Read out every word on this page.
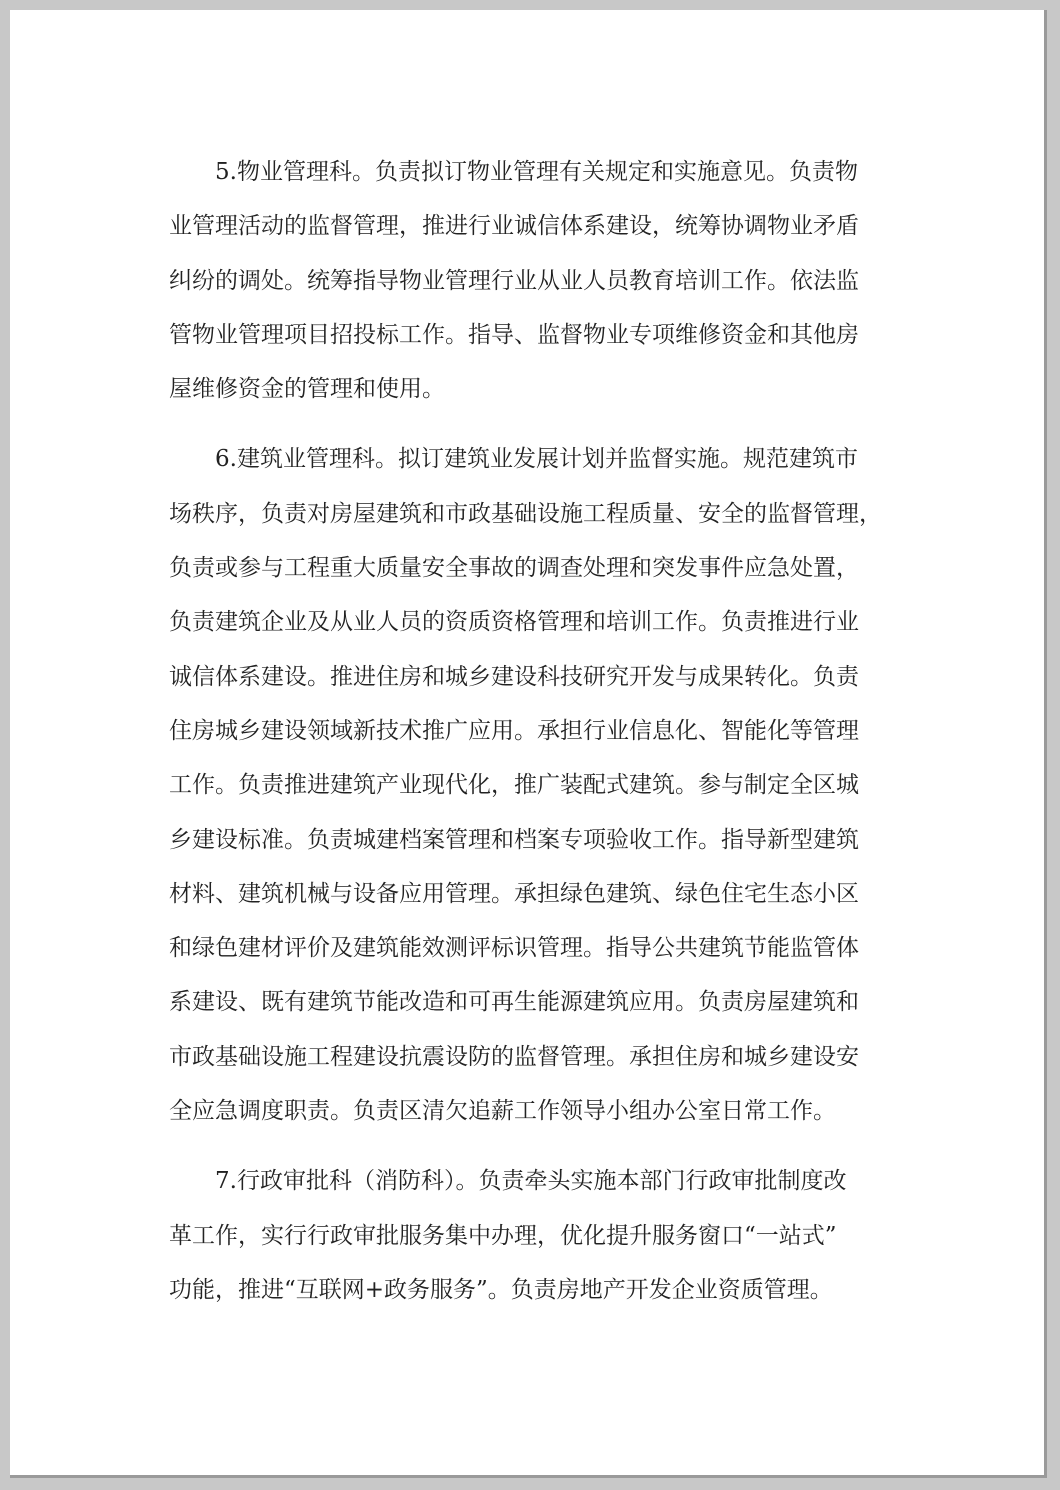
5.物业管理科。负责拟订物业管理有关规定和实施意见。负责物
业管理活动的监督管理，推进行业诚信体系建设，统筹协调物业矛盾
纠纷的调处。统筹指导物业管理行业从业人员教育培训工作。依法监
管物业管理项目招投标工作。指导、监督物业专项维修资金和其他房
屋维修资金的管理和使用。
6.建筑业管理科。拟订建筑业发展计划并监督实施。规范建筑市
场秩序，负责对房屋建筑和市政基础设施工程质量、安全的监督管理，
负责或参与工程重大质量安全事故的调查处理和突发事件应急处置，
负责建筑企业及从业人员的资质资格管理和培训工作。负责推进行业
诚信体系建设。推进住房和城乡建设科技研究开发与成果转化。负责
住房城乡建设领域新技术推广应用。承担行业信息化、智能化等管理
工作。负责推进建筑产业现代化，推广装配式建筑。参与制定全区城
乡建设标准。负责城建档案管理和档案专项验收工作。指导新型建筑
材料、建筑机械与设备应用管理。承担绿色建筑、绿色住宅生态小区
和绿色建材评价及建筑能效测评标识管理。指导公共建筑节能监管体
系建设、既有建筑节能改造和可再生能源建筑应用。负责房屋建筑和
市政基础设施工程建设抗震设防的监督管理。承担住房和城乡建设安
全应急调度职责。负责区清欠追薪工作领导小组办公室日常工作。
7.行政审批科（消防科）。负责牵头实施本部门行政审批制度改
革工作，实行行政审批服务集中办理，优化提升服务窗口“一站式”
功能，推进“互联网+政务服务”。负责房地产开发企业资质管理。
